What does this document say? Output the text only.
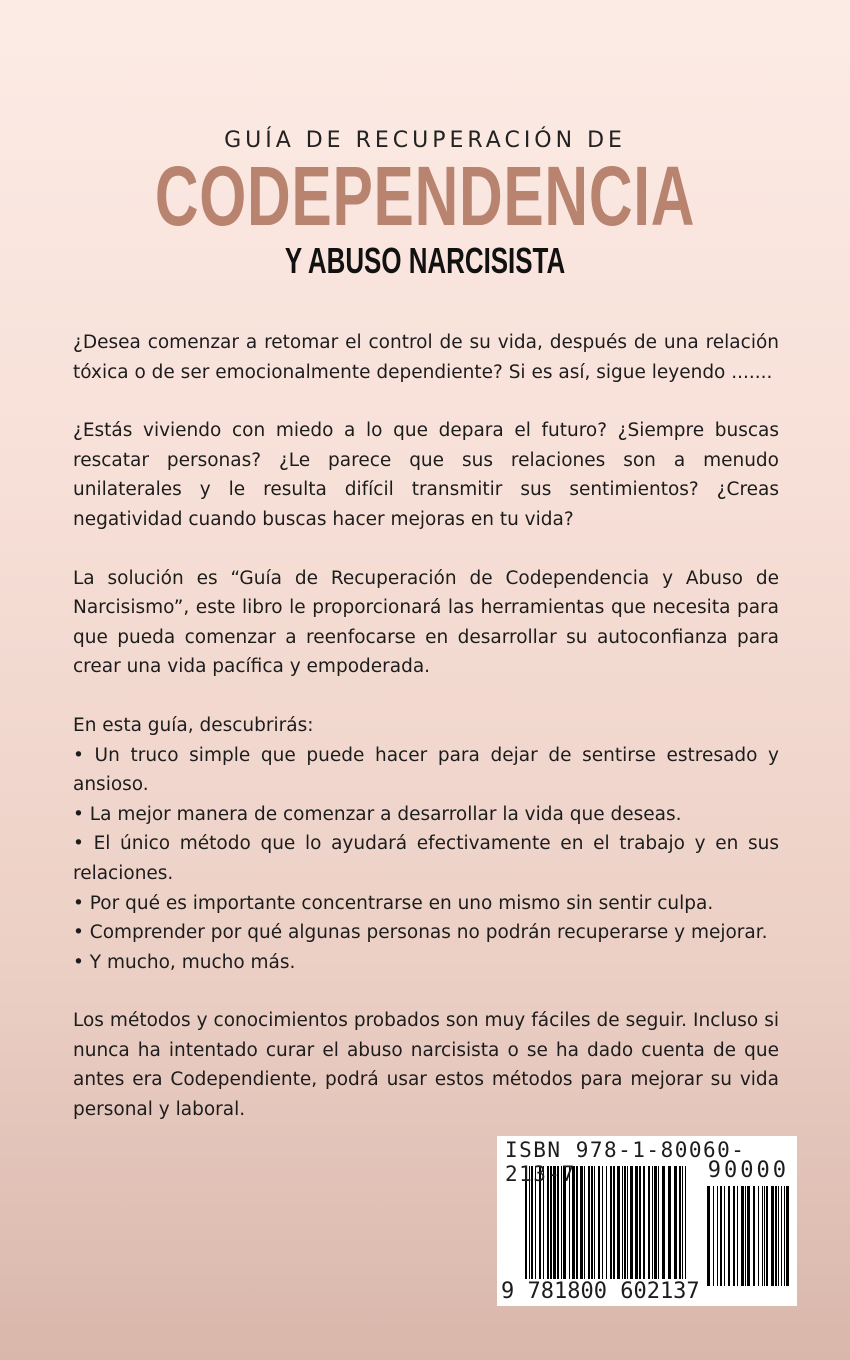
GUÍA DE RECUPERACIÓN DE
CODEPENDENCIA
Y ABUSO NARCISISTA

¿Desea comenzar a retomar el control de su vida, después de una relación tóxica o de ser emocionalmente dependiente? Si es así, sigue leyendo .......

¿Estás viviendo con miedo a lo que depara el futuro? ¿Siempre buscas rescatar personas? ¿Le parece que sus relaciones son a menudo unilaterales y le resulta difícil transmitir sus sentimientos? ¿Creas negatividad cuando buscas hacer mejoras en tu vida?

La solución es “Guía de Recuperación de Codependencia y Abuso de Narcisismo”, este libro le proporcionará las herramientas que necesita para que pueda comenzar a reenfocarse en desarrollar su autoconfianza para crear una vida pacífica y empoderada.

En esta guía, descubrirás:
• Un truco simple que puede hacer para dejar de sentirse estresado y ansioso.
• La mejor manera de comenzar a desarrollar la vida que deseas.
• El único método que lo ayudará efectivamente en el trabajo y en sus relaciones.
• Por qué es importante concentrarse en uno mismo sin sentir culpa.
• Comprender por qué algunas personas no podrán recuperarse y mejorar.
• Y mucho, mucho más.

Los métodos y conocimientos probados son muy fáciles de seguir. Incluso si nunca ha intentado curar el abuso narcisista o se ha dado cuenta de que antes era Codependiente, podrá usar estos métodos para mejorar su vida personal y laboral.

ISBN 978-1-80060-213-7	90000
9 781800 602137
